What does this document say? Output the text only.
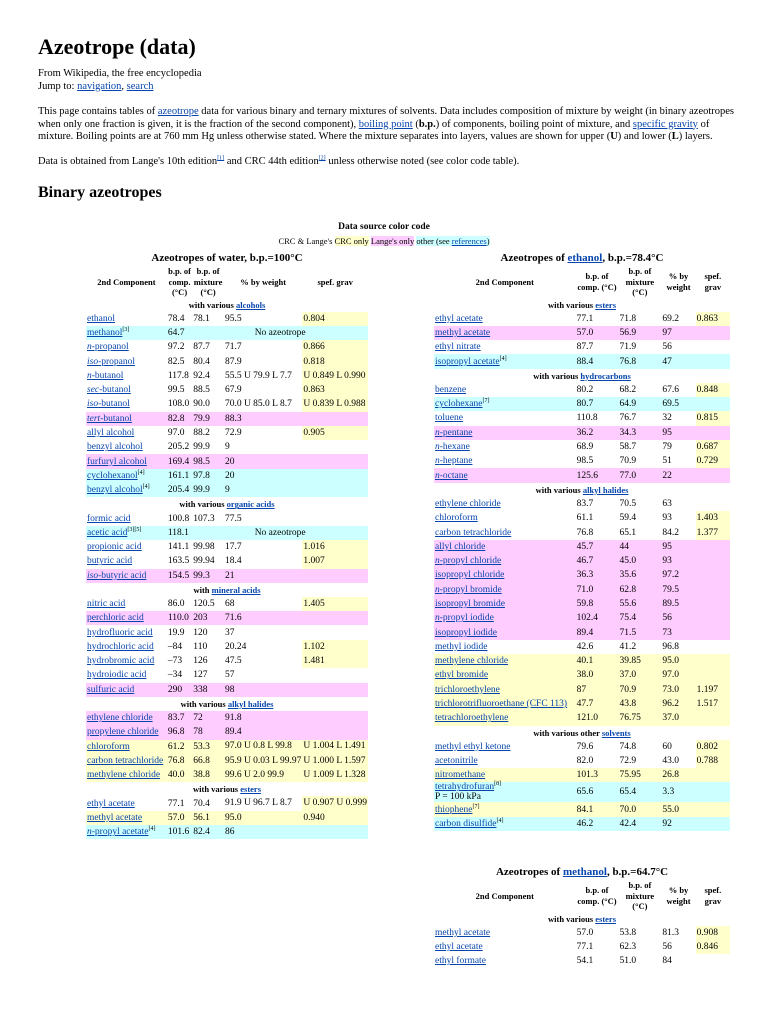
Azeotrope (data)
From Wikipedia, the free encyclopedia
Jump to: navigation, search

This page contains tables of azeotrope data for various binary and ternary mixtures of solvents. Data includes composition of mixture by weight (in binary azeotropes when only one fraction is given, it is the fraction of the second component), boiling point (b.p.) of components, boiling point of mixture, and specific gravity of mixture. Boiling points are at 760 mm Hg unless otherwise stated. Where the mixture separates into layers, values are shown for upper (U) and lower (L) layers.

Data is obtained from Lange's 10th edition[1] and CRC 44th edition[2] unless otherwise noted (see color code table).

Binary azeotropes
Data source color code
CRC & Lange's CRC only Lange's only other (see references)
Azeotropes of water, b.p.=100°C
2nd Component	b.p. of comp. (°C)	b.p. of mixture (°C)	% by weight	spef. grav
with various alcohols				
ethanol	78.4	78.1	95.5	0.804
methanol[3]	64.7	No azeotrope		
n-propanol	97.2	87.7	71.7	0.866
iso-propanol	82.5	80.4	87.9	0.818
n-butanol	117.8	92.4	55.5 U 79.9 L 7.7	U 0.849 L 0.990
sec-butanol	99.5	88.5	67.9	0.863
iso-butanol	108.0	90.0	70.0 U 85.0 L 8.7	U 0.839 L 0.988
tert-butanol	82.8	79.9	88.3	
allyl alcohol	97.0	88.2	72.9	0.905
benzyl alcohol	205.2	99.9	9	
furfuryl alcohol	169.4	98.5	20	
cyclohexanol[4]	161.1	97.8	20	
benzyl alcohol[4]	205.4	99.9	9	
with various organic acids				
formic acid	100.8	107.3	77.5	
acetic acid[3][5]	118.1	No azeotrope		
propionic acid	141.1	99.98	17.7	1.016
butyric acid	163.5	99.94	18.4	1.007
iso-butyric acid	154.5	99.3	21	
with mineral acids				
nitric acid	86.0	120.5	68	1.405
perchloric acid	110.0	203	71.6	
hydrofluoric acid	19.9	120	37	
hydrochloric acid	–84	110	20.24	1.102
hydrobromic acid	–73	126	47.5	1.481
hydroiodic acid	–34	127	57	
sulfuric acid	290	338	98	
with various alkyl halides				
ethylene chloride	83.7	72	91.8	
propylene chloride	96.8	78	89.4	
chloroform	61.2	53.3	97.0 U 0.8 L 99.8	U 1.004 L 1.491
carbon tetrachloride	76.8	66.8	95.9 U 0.03 L 99.97	U 1.000 L 1.597
methylene chloride	40.0	38.8	99.6 U 2.0 99.9	U 1.009 L 1.328
with various esters				
ethyl acetate	77.1	70.4	91.9 U 96.7 L 8.7	U 0.907 U 0.999
methyl acetate	57.0	56.1	95.0	0.940
n-propyl acetate[4]	101.6	82.4	86	
Azeotropes of ethanol, b.p.=78.4°C
2nd Component	b.p. of comp. (°C)	b.p. of mixture (°C)	% by weight	spef. grav
with various esters				
ethyl acetate	77.1	71.8	69.2	0.863
methyl acetate	57.0	56.9	97	
ethyl nitrate	87.7	71.9	56	
isopropyl acetate[4]	88.4	76.8	47	
with various hydrocarbons				
benzene	80.2	68.2	67.6	0.848
cyclohexane[7]	80.7	64.9	69.5	
toluene	110.8	76.7	32	0.815
n-pentane	36.2	34.3	95	
n-hexane	68.9	58.7	79	0.687
n-heptane	98.5	70.9	51	0.729
n-octane	125.6	77.0	22	
with various alkyl halides				
ethylene chloride	83.7	70.5	63	
chloroform	61.1	59.4	93	1.403
carbon tetrachloride	76.8	65.1	84.2	1.377
allyl chloride	45.7	44	95	
n-propyl chloride	46.7	45.0	93	
isopropyl chloride	36.3	35.6	97.2	
n-propyl bromide	71.0	62.8	79.5	
isopropyl bromide	59.8	55.6	89.5	
n-propyl iodide	102.4	75.4	56	
isopropyl iodide	89.4	71.5	73	
methyl iodide	42.6	41.2	96.8	
methylene chloride	40.1	39.85	95.0	
ethyl bromide	38.0	37.0	97.0	
trichloroethylene	87	70.9	73.0	1.197
trichlorotrifluoroethane (CFC 113)	47.7	43.8	96.2	1.517
tetrachloroethylene	121.0	76.75	37.0	
with various other solvents				
methyl ethyl ketone	79.6	74.8	60	0.802
acetonitrile	82.0	72.9	43.0	0.788
nitromethane	101.3	75.95	26.8	
tetrahydrofuran[8]
P = 100 kPa	65.6	65.4	3.3	
thiophene[7]	84.1	70.0	55.0	
carbon disulfide[4]	46.2	42.4	92	
Azeotropes of methanol, b.p.=64.7°C
2nd Component	b.p. of comp. (°C)	b.p. of mixture (°C)	% by weight	spef. grav
with various esters				
methyl acetate	57.0	53.8	81.3	0.908
ethyl acetate	77.1	62.3	56	0.846
ethyl formate	54.1	51.0	84	
